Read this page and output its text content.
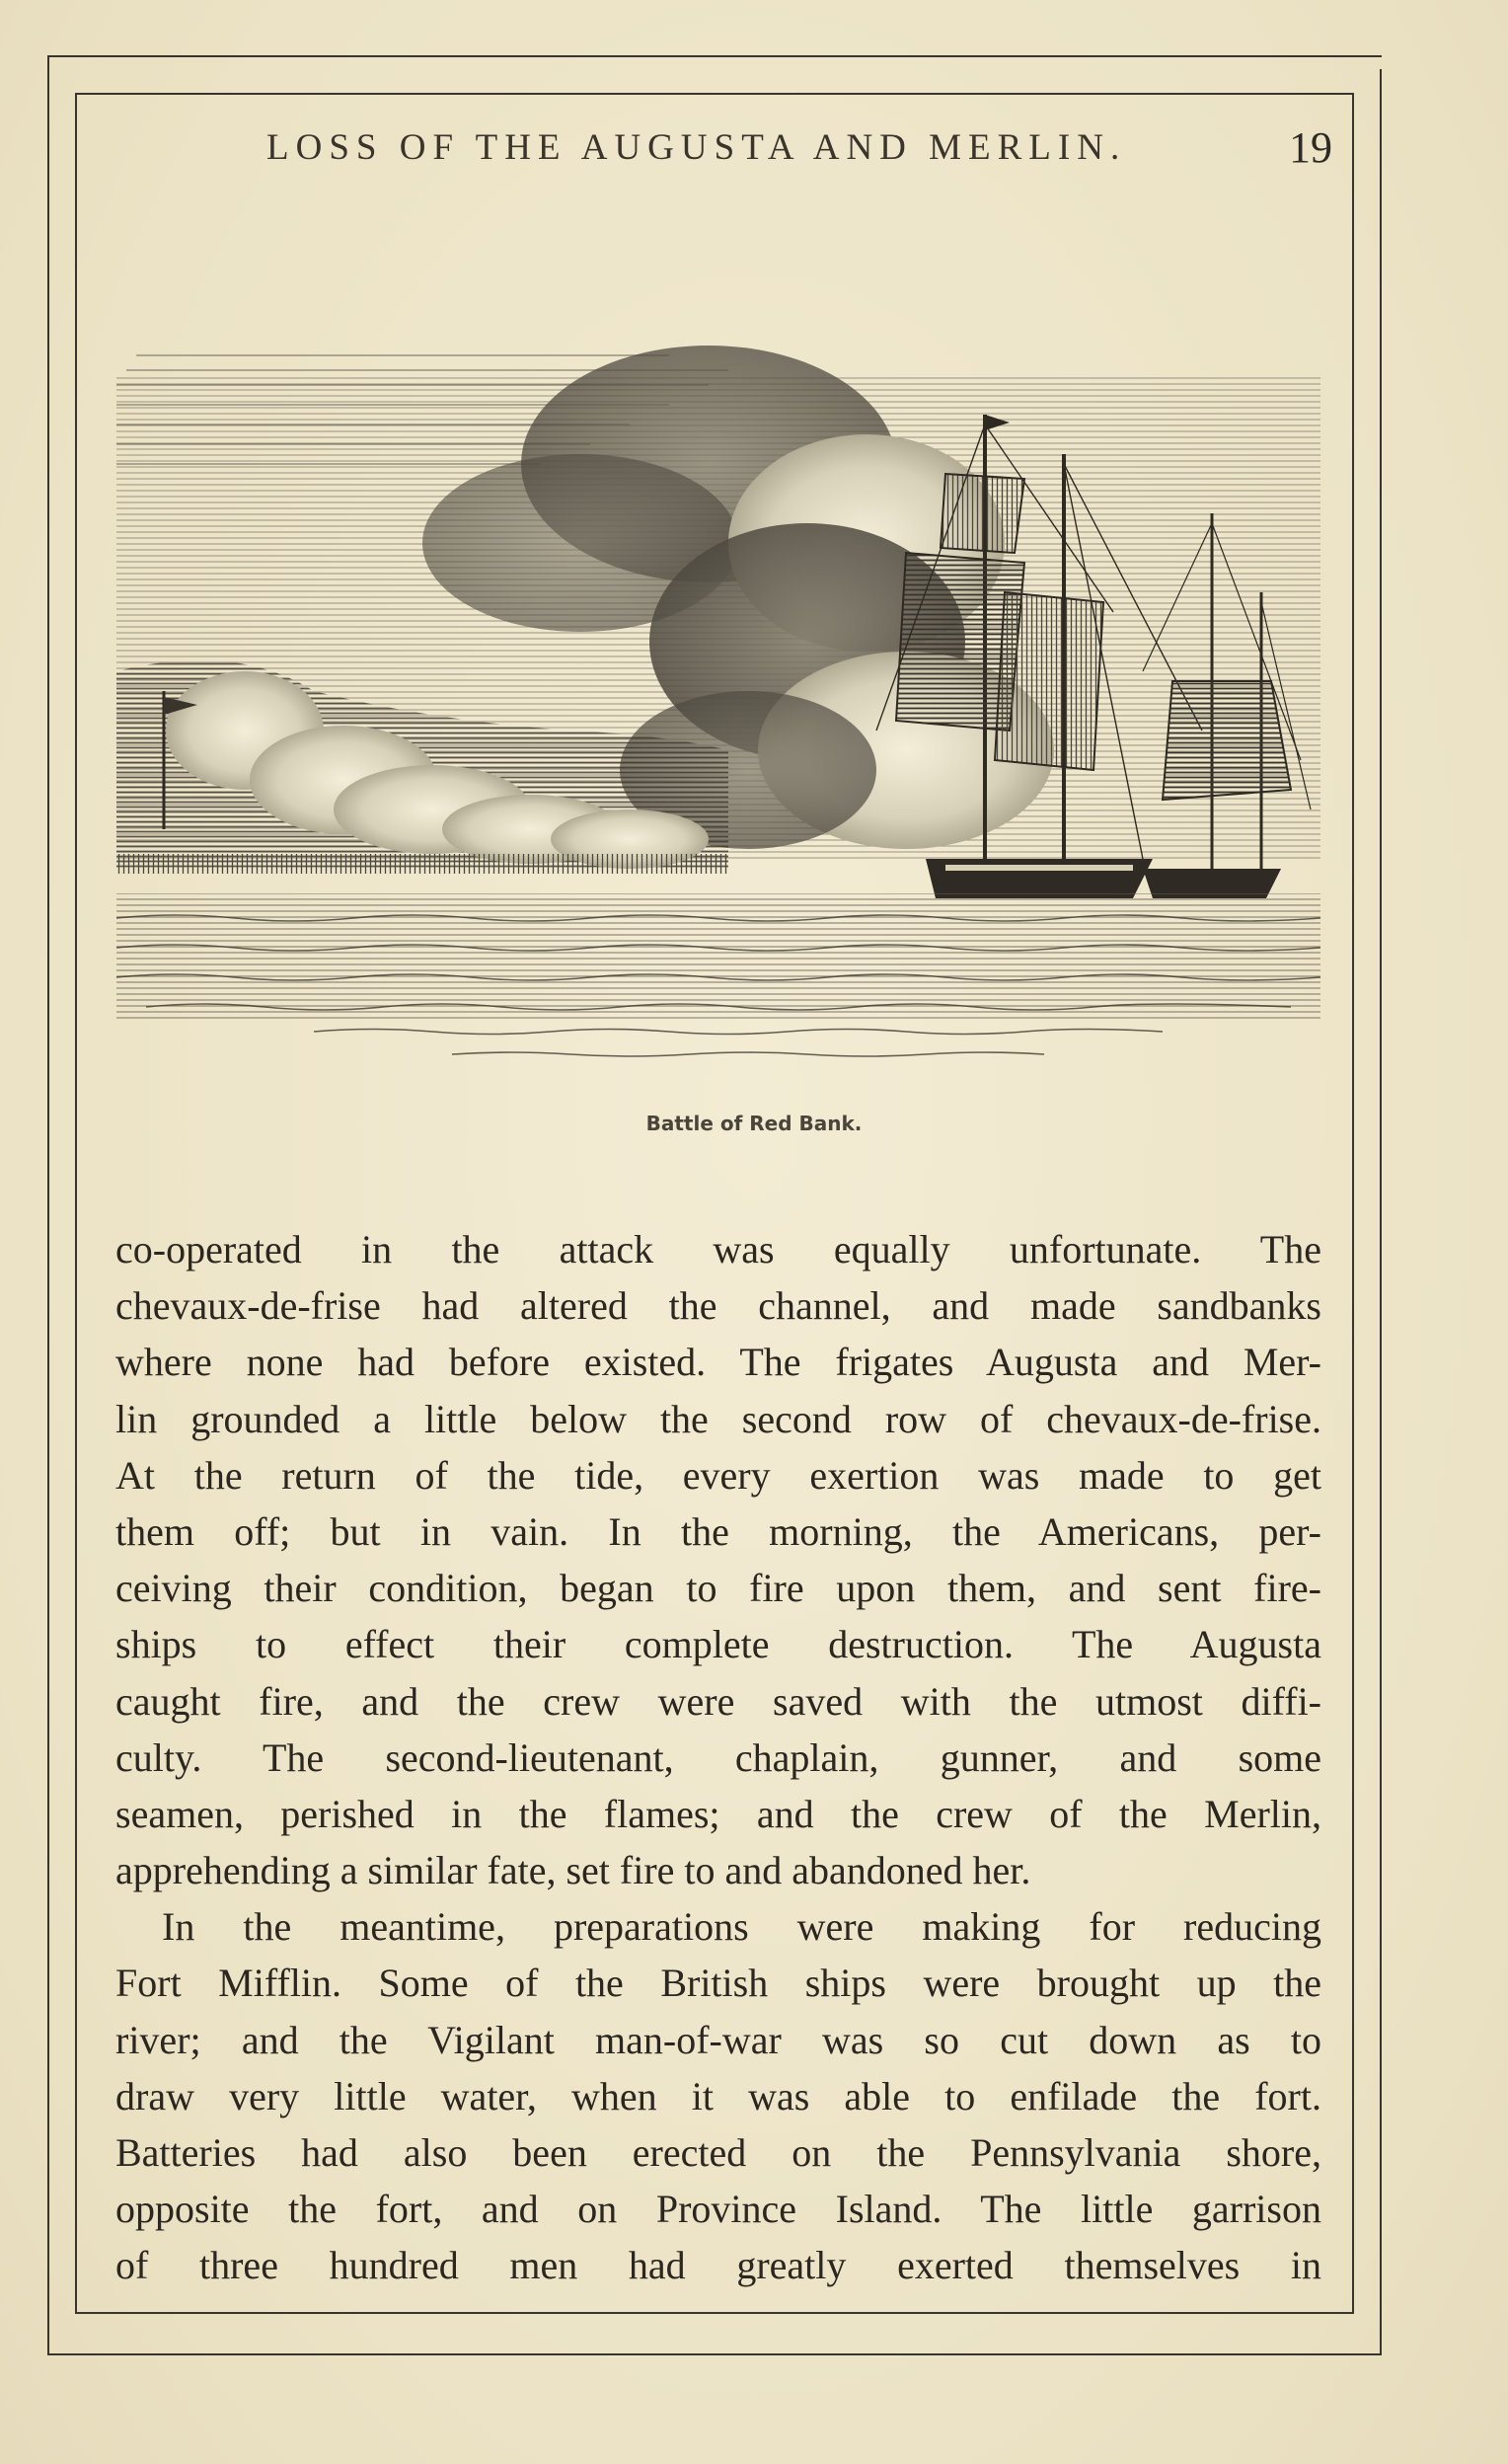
LOSS OF THE AUGUSTA AND MERLIN.	19
Battle of Red Bank.
co-operated in the attack was equally unfortunate. The
chevaux-de-frise had altered the channel, and made sandbanks
where none had before existed. The frigates Augusta and Mer-
lin grounded a little below the second row of chevaux-de-frise.
At the return of the tide, every exertion was made to get
them off; but in vain. In the morning, the Americans, per-
ceiving their condition, began to fire upon them, and sent fire-
ships to effect their complete destruction. The Augusta
caught fire, and the crew were saved with the utmost diffi-
culty. The second-lieutenant, chaplain, gunner, and some
seamen, perished in the flames; and the crew of the Merlin,
apprehending a similar fate, set fire to and abandoned her.
In the meantime, preparations were making for reducing
Fort Mifflin. Some of the British ships were brought up the
river; and the Vigilant man-of-war was so cut down as to
draw very little water, when it was able to enfilade the fort.
Batteries had also been erected on the Pennsylvania shore,
opposite the fort, and on Province Island. The little garrison
of three hundred men had greatly exerted themselves in
